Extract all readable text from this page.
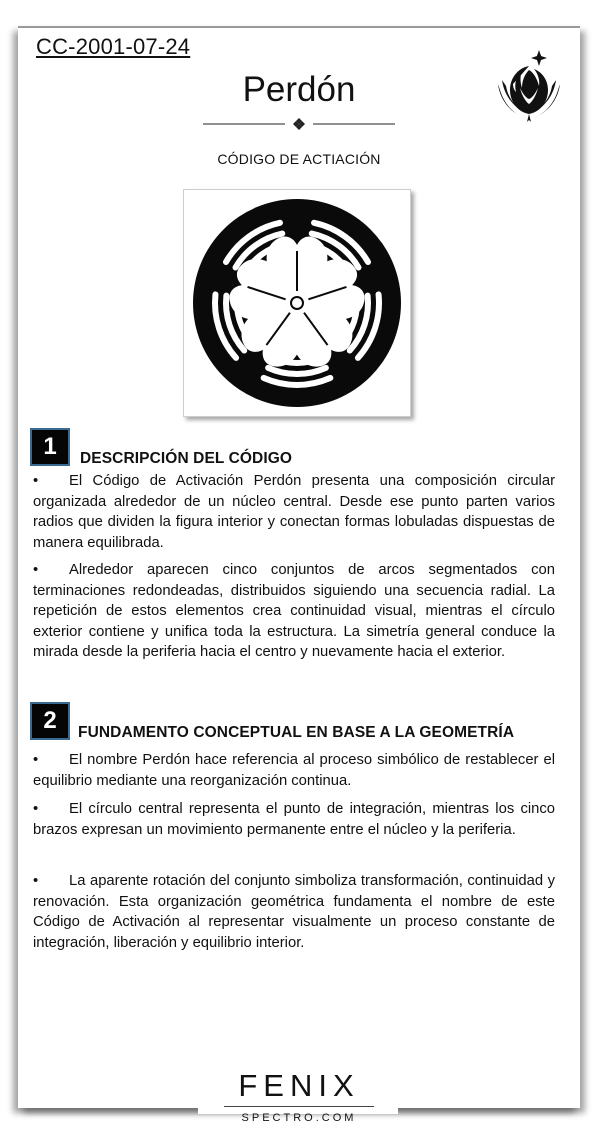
CC-2001-07-24
Perdón
CÓDIGO DE ACTIACIÓN
1	DESCRIPCIÓN DEL CÓDIGO
• El Código de Activación Perdón presenta una composición circular organizada alrededor de un núcleo central. Desde ese punto parten varios radios que dividen la figura interior y conectan formas lobuladas dispuestas de manera equilibrada.
• Alrededor aparecen cinco conjuntos de arcos segmentados con terminaciones redondeadas, distribuidos siguiendo una secuencia radial. La repetición de estos elementos crea continuidad visual, mientras el círculo exterior contiene y unifica toda la estructura. La simetría general conduce la mirada desde la periferia hacia el centro y nuevamente hacia el exterior.
2	FUNDAMENTO CONCEPTUAL EN BASE A LA GEOMETRÍA
• El nombre Perdón hace referencia al proceso simbólico de restablecer el equilibrio mediante una reorganización continua.
• El círculo central representa el punto de integración, mientras los cinco brazos expresan un movimiento permanente entre el núcleo y la periferia.
• La aparente rotación del conjunto simboliza transformación, continuidad y renovación. Esta organización geométrica fundamenta el nombre de este Código de Activación al representar visualmente un proceso constante de integración, liberación y equilibrio interior.
FENIX
SPECTRO.COM
